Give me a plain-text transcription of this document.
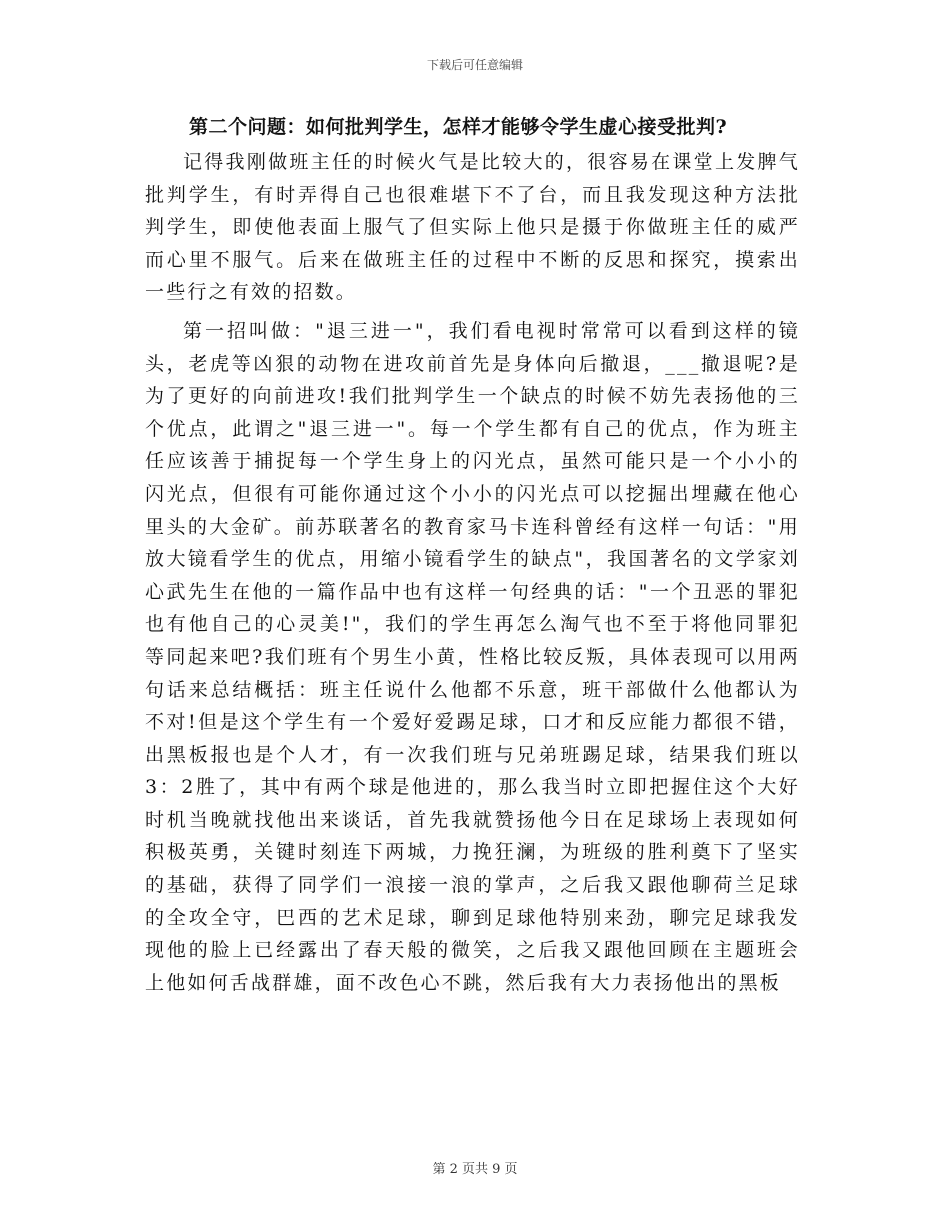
下载后可任意编辑
第二个问题：如何批判学生，怎样才能够令学生虚心接受批判?

记得我刚做班主任的时候火气是比较大的，很容易在课堂上发脾气批判学生，有时弄得自己也很难堪下不了台，而且我发现这种方法批判学生，即使他表面上服气了但实际上他只是摄于你做班主任的威严而心里不服气。后来在做班主任的过程中不断的反思和探究，摸索出一些行之有效的招数。

第一招叫做："退三进一"，我们看电视时常常可以看到这样的镜头，老虎等凶狠的动物在进攻前首先是身体向后撤退，___撤退呢?是为了更好的向前进攻!我们批判学生一个缺点的时候不妨先表扬他的三个优点，此谓之"退三进一"。每一个学生都有自己的优点，作为班主任应该善于捕捉每一个学生身上的闪光点，虽然可能只是一个小小的闪光点，但很有可能你通过这个小小的闪光点可以挖掘出埋藏在他心里头的大金矿。前苏联著名的教育家马卡连科曾经有这样一句话："用放大镜看学生的优点，用缩小镜看学生的缺点"，我国著名的文学家刘心武先生在他的一篇作品中也有这样一句经典的话："一个丑恶的罪犯也有他自己的心灵美!"，我们的学生再怎么淘气也不至于将他同罪犯等同起来吧?我们班有个男生小黄，性格比较反叛，具体表现可以用两句话来总结概括：班主任说什么他都不乐意，班干部做什么他都认为不对!但是这个学生有一个爱好爱踢足球，口才和反应能力都很不错，出黑板报也是个人才，有一次我们班与兄弟班踢足球，结果我们班以3：2胜了，其中有两个球是他进的，那么我当时立即把握住这个大好时机当晚就找他出来谈话，首先我就赞扬他今日在足球场上表现如何积极英勇，关键时刻连下两城，力挽狂澜，为班级的胜利奠下了坚实的基础，获得了同学们一浪接一浪的掌声，之后我又跟他聊荷兰足球的全攻全守，巴西的艺术足球，聊到足球他特别来劲，聊完足球我发现他的脸上已经露出了春天般的微笑，之后我又跟他回顾在主题班会上他如何舌战群雄，面不改色心不跳，然后我有大力表扬他出的黑板

第 2 页共 9 页
